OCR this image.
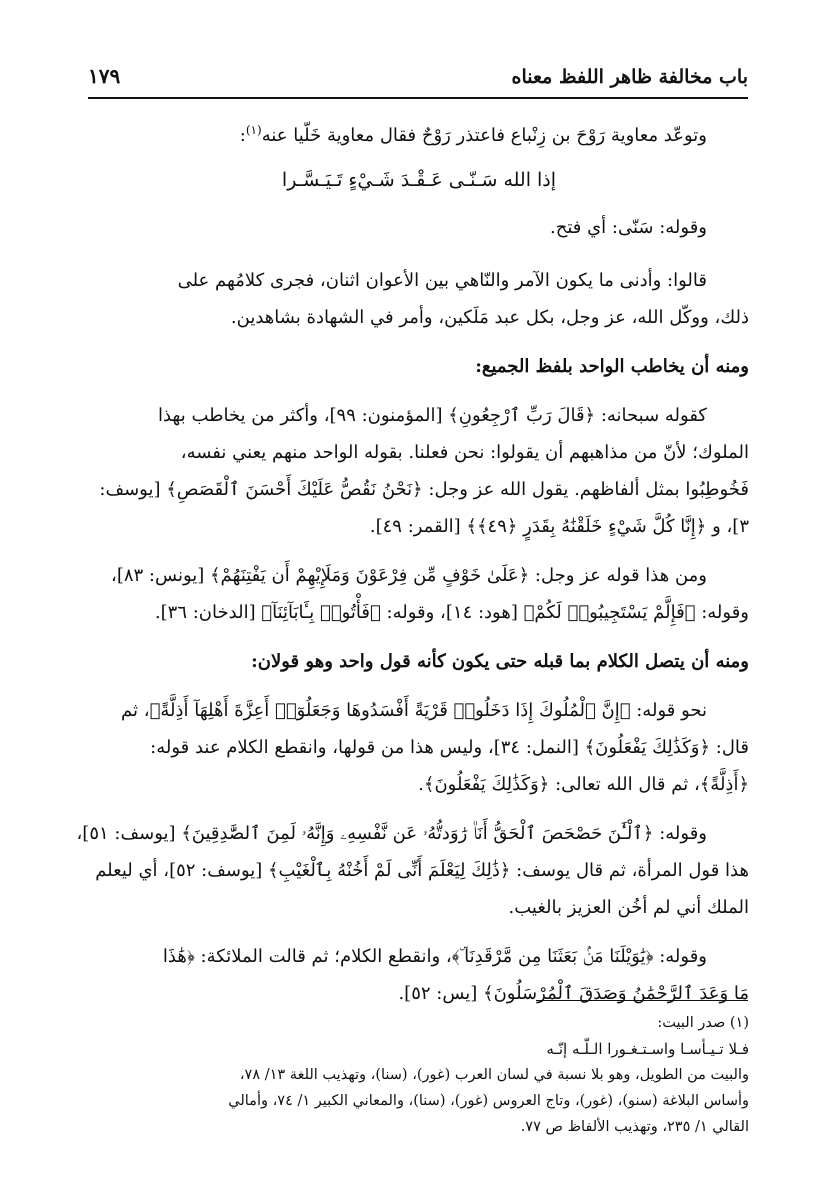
باب مخالفة ظاهر اللفظ معناه
١٧٩

وتوعّد معاوية رَوْحَ بن زِنْباع فاعتذر رَوْحٌ فقال معاوية خَلّيا عنه$^{(١)}$:

إذا الله سَـنّـى عَـقْـدَ شَـيْءٍ تَـيَـسَّـرا

وقوله: سَنّى: أي فتح.

قالوا: وأدنى ما يكون الآمر والنّاهي بين الأعوان اثنان، فجرى كلامُهم على

ذلك، ووكّل الله، عز وجل، بكل عبد مَلَكين، وأمر في الشهادة بشاهدين.

ومنه أن يخاطب الواحد بلفظ الجميع:

كقوله سبحانه: ﴿قَالَ رَبِّ ٱرْجِعُونِ﴾ [المؤمنون: ٩٩]، وأكثر من يخاطب بهذا

الملوك؛ لأنّ من مذاهبهم أن يقولوا: نحن فعلنا. بقوله الواحد منهم يعني نفسه،

فَخُوطِبُوا بمثل ألفاظهم. يقول الله عز وجل: ﴿نَحْنُ نَقُصُّ عَلَيْكَ أَحْسَنَ ٱلْقَصَصِ﴾ [يوسف:

٣]، و ﴿إِنَّا كُلَّ شَيْءٍ خَلَقْنَٰهُ بِقَدَرٍ ﴿٤٩﴾﴾ [القمر: ٤٩].

ومن هذا قوله عز وجل: ﴿عَلَىٰ خَوْفٍ مِّن فِرْعَوْنَ وَمَلَإِيْهِمْ أَن يَفْتِنَهُمْ﴾ [يونس: ٨٣]،

وقوله: ﴿فَإِلَّمْ يَسْتَجِيبُوا۟ لَكُمْ﴾ [هود: ١٤]، وقوله: ﴿فَأْتُوا۟ بِـَٔابَآئِنَآ﴾ [الدخان: ٣٦].

ومنه أن يتصل الكلام بما قبله حتى يكون كأنه قول واحد وهو قولان:

نحو قوله: ﴿إِنَّ ٱلْمُلُوكَ إِذَا دَخَلُوا۟ قَرْيَةً أَفْسَدُوهَا وَجَعَلُوٓا۟ أَعِزَّةَ أَهْلِهَآ أَذِلَّةً﴾، ثم

قال: ﴿وَكَذَٰلِكَ يَفْعَلُونَ﴾ [النمل: ٣٤]، وليس هذا من قولها، وانقطع الكلام عند قوله:

﴿أَذِلَّةً﴾، ثم قال الله تعالى: ﴿وَكَذَٰلِكَ يَفْعَلُونَ﴾.

وقوله: ﴿ٱلْـَٰٔنَ حَصْحَصَ ٱلْحَقُّ أَنَا۠ رَٰوَدتُّهُۥ عَن نَّفْسِهِۦ وَإِنَّهُۥ لَمِنَ ٱلصَّٰدِقِينَ﴾ [يوسف: ٥١]،

هذا قول المرأة، ثم قال يوسف: ﴿ذَٰلِكَ لِيَعْلَمَ أَنِّى لَمْ أَخُنْهُ بِٱلْغَيْبِ﴾ [يوسف: ٥٢]، أي ليعلم

الملك أني لم أخُن العزيز بالغيب.

وقوله: ﴿يَٰوَيْلَنَا مَنۢ بَعَثَنَا مِن مَّرْقَدِنَا ۜ﴾، وانقطع الكلام؛ ثم قالت الملائكة: ﴿هَٰذَا

مَا وَعَدَ ٱلرَّحْمَٰنُ وَصَدَقَ ٱلْمُرْسَلُونَ﴾ [يس: ٥٢].

(١) صدر البيت:

فـلا تـيـأسـا واسـتـغـورا الـلّـه إنّـه

والبيت من الطويل، وهو بلا نسبة في لسان العرب (غور)، (سنا)، وتهذيب اللغة ١٣/ ٧٨،

وأساس البلاغة (سنو)، (غور)، وتاج العروس (غور)، (سنا)، والمعاني الكبير ١/ ٧٤، وأمالي

القالي ١/ ٢٣٥، وتهذيب الألفاظ ص ٧٧.
